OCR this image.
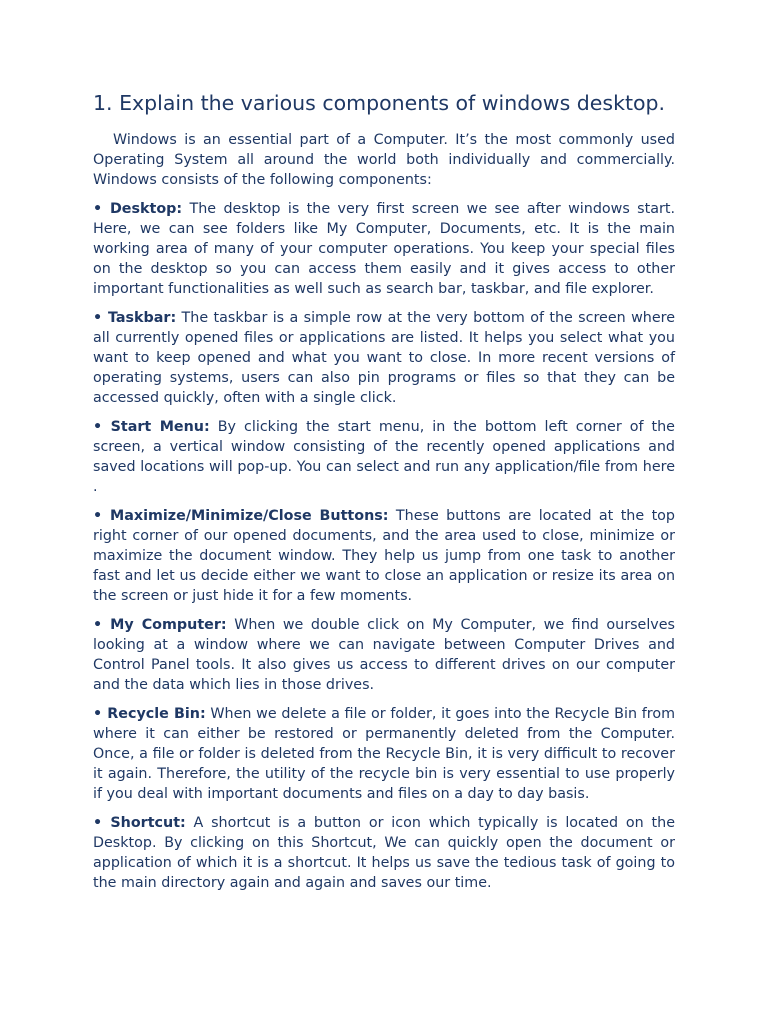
1. Explain the various components of windows desktop.

Windows is an essential part of a Computer. It’s the most commonly used Operating System all around the world both individually and commercially. Windows consists of the following components:

• Desktop: The desktop is the very first screen we see after windows start. Here, we can see folders like My Computer, Documents, etc. It is the main working area of many of your computer operations. You keep your special files on the desktop so you can access them easily and it gives access to other important functionalities as well such as search bar, taskbar, and file explorer.

• Taskbar: The taskbar is a simple row at the very bottom of the screen where all currently opened files or applications are listed. It helps you select what you want to keep opened and what you want to close. In more recent versions of operating systems, users can also pin programs or files so that they can be accessed quickly, often with a single click.

• Start Menu: By clicking the start menu, in the bottom left corner of the screen, a vertical window consisting of the recently opened applications and saved locations will pop-up. You can select and run any application/file from here .

• Maximize/Minimize/Close Buttons: These buttons are located at the top right corner of our opened documents, and the area used to close, minimize or maximize the document window. They help us jump from one task to another fast and let us decide either we want to close an application or resize its area on the screen or just hide it for a few moments.

• My Computer: When we double click on My Computer, we find ourselves looking at a window where we can navigate between Computer Drives and Control Panel tools. It also gives us access to different drives on our computer and the data which lies in those drives.

• Recycle Bin: When we delete a file or folder, it goes into the Recycle Bin from where it can either be restored or permanently deleted from the Computer. Once, a file or folder is deleted from the Recycle Bin, it is very difficult to recover it again. Therefore, the utility of the recycle bin is very essential to use properly if you deal with important documents and files on a day to day basis.

• Shortcut: A shortcut is a button or icon which typically is located on the Desktop. By clicking on this Shortcut, We can quickly open the document or application of which it is a shortcut. It helps us save the tedious task of going to the main directory again and again and saves our time.
